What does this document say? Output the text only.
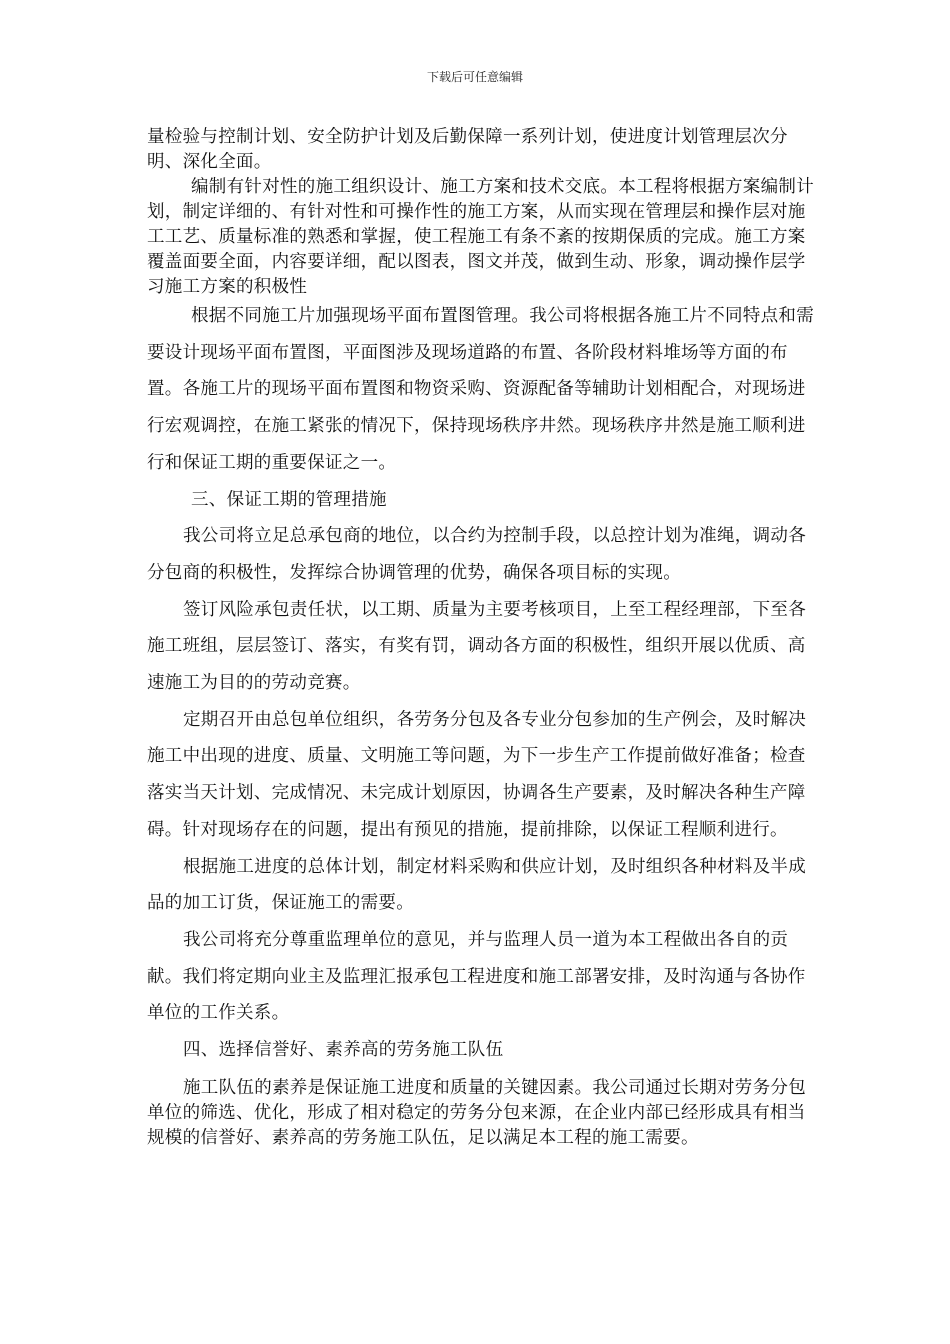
下载后可任意编辑

量检验与控制计划、安全防护计划及后勤保障一系列计划，使进度计划管理层次分明、深化全面。

编制有针对性的施工组织设计、施工方案和技术交底。本工程将根据方案编制计划，制定详细的、有针对性和可操作性的施工方案，从而实现在管理层和操作层对施工工艺、质量标准的熟悉和掌握，使工程施工有条不紊的按期保质的完成。施工方案覆盖面要全面，内容要详细，配以图表，图文并茂，做到生动、形象，调动操作层学习施工方案的积极性

根据不同施工片加强现场平面布置图管理。我公司将根据各施工片不同特点和需要设计现场平面布置图，平面图涉及现场道路的布置、各阶段材料堆场等方面的布置。各施工片的现场平面布置图和物资采购、资源配备等辅助计划相配合，对现场进行宏观调控，在施工紧张的情况下，保持现场秩序井然。现场秩序井然是施工顺利进行和保证工期的重要保证之一。

三、保证工期的管理措施

我公司将立足总承包商的地位，以合约为控制手段，以总控计划为准绳，调动各分包商的积极性，发挥综合协调管理的优势，确保各项目标的实现。

签订风险承包责任状，以工期、质量为主要考核项目，上至工程经理部，下至各施工班组，层层签订、落实，有奖有罚，调动各方面的积极性，组织开展以优质、高速施工为目的的劳动竞赛。

定期召开由总包单位组织，各劳务分包及各专业分包参加的生产例会，及时解决施工中出现的进度、质量、文明施工等问题，为下一步生产工作提前做好准备；检查落实当天计划、完成情况、未完成计划原因，协调各生产要素，及时解决各种生产障碍。针对现场存在的问题，提出有预见的措施，提前排除，以保证工程顺利进行。

根据施工进度的总体计划，制定材料采购和供应计划，及时组织各种材料及半成品的加工订货，保证施工的需要。

我公司将充分尊重监理单位的意见，并与监理人员一道为本工程做出各自的贡献。我们将定期向业主及监理汇报承包工程进度和施工部署安排，及时沟通与各协作单位的工作关系。

四、选择信誉好、素养高的劳务施工队伍

施工队伍的素养是保证施工进度和质量的关键因素。我公司通过长期对劳务分包单位的筛选、优化，形成了相对稳定的劳务分包来源，在企业内部已经形成具有相当规模的信誉好、素养高的劳务施工队伍，足以满足本工程的施工需要。
